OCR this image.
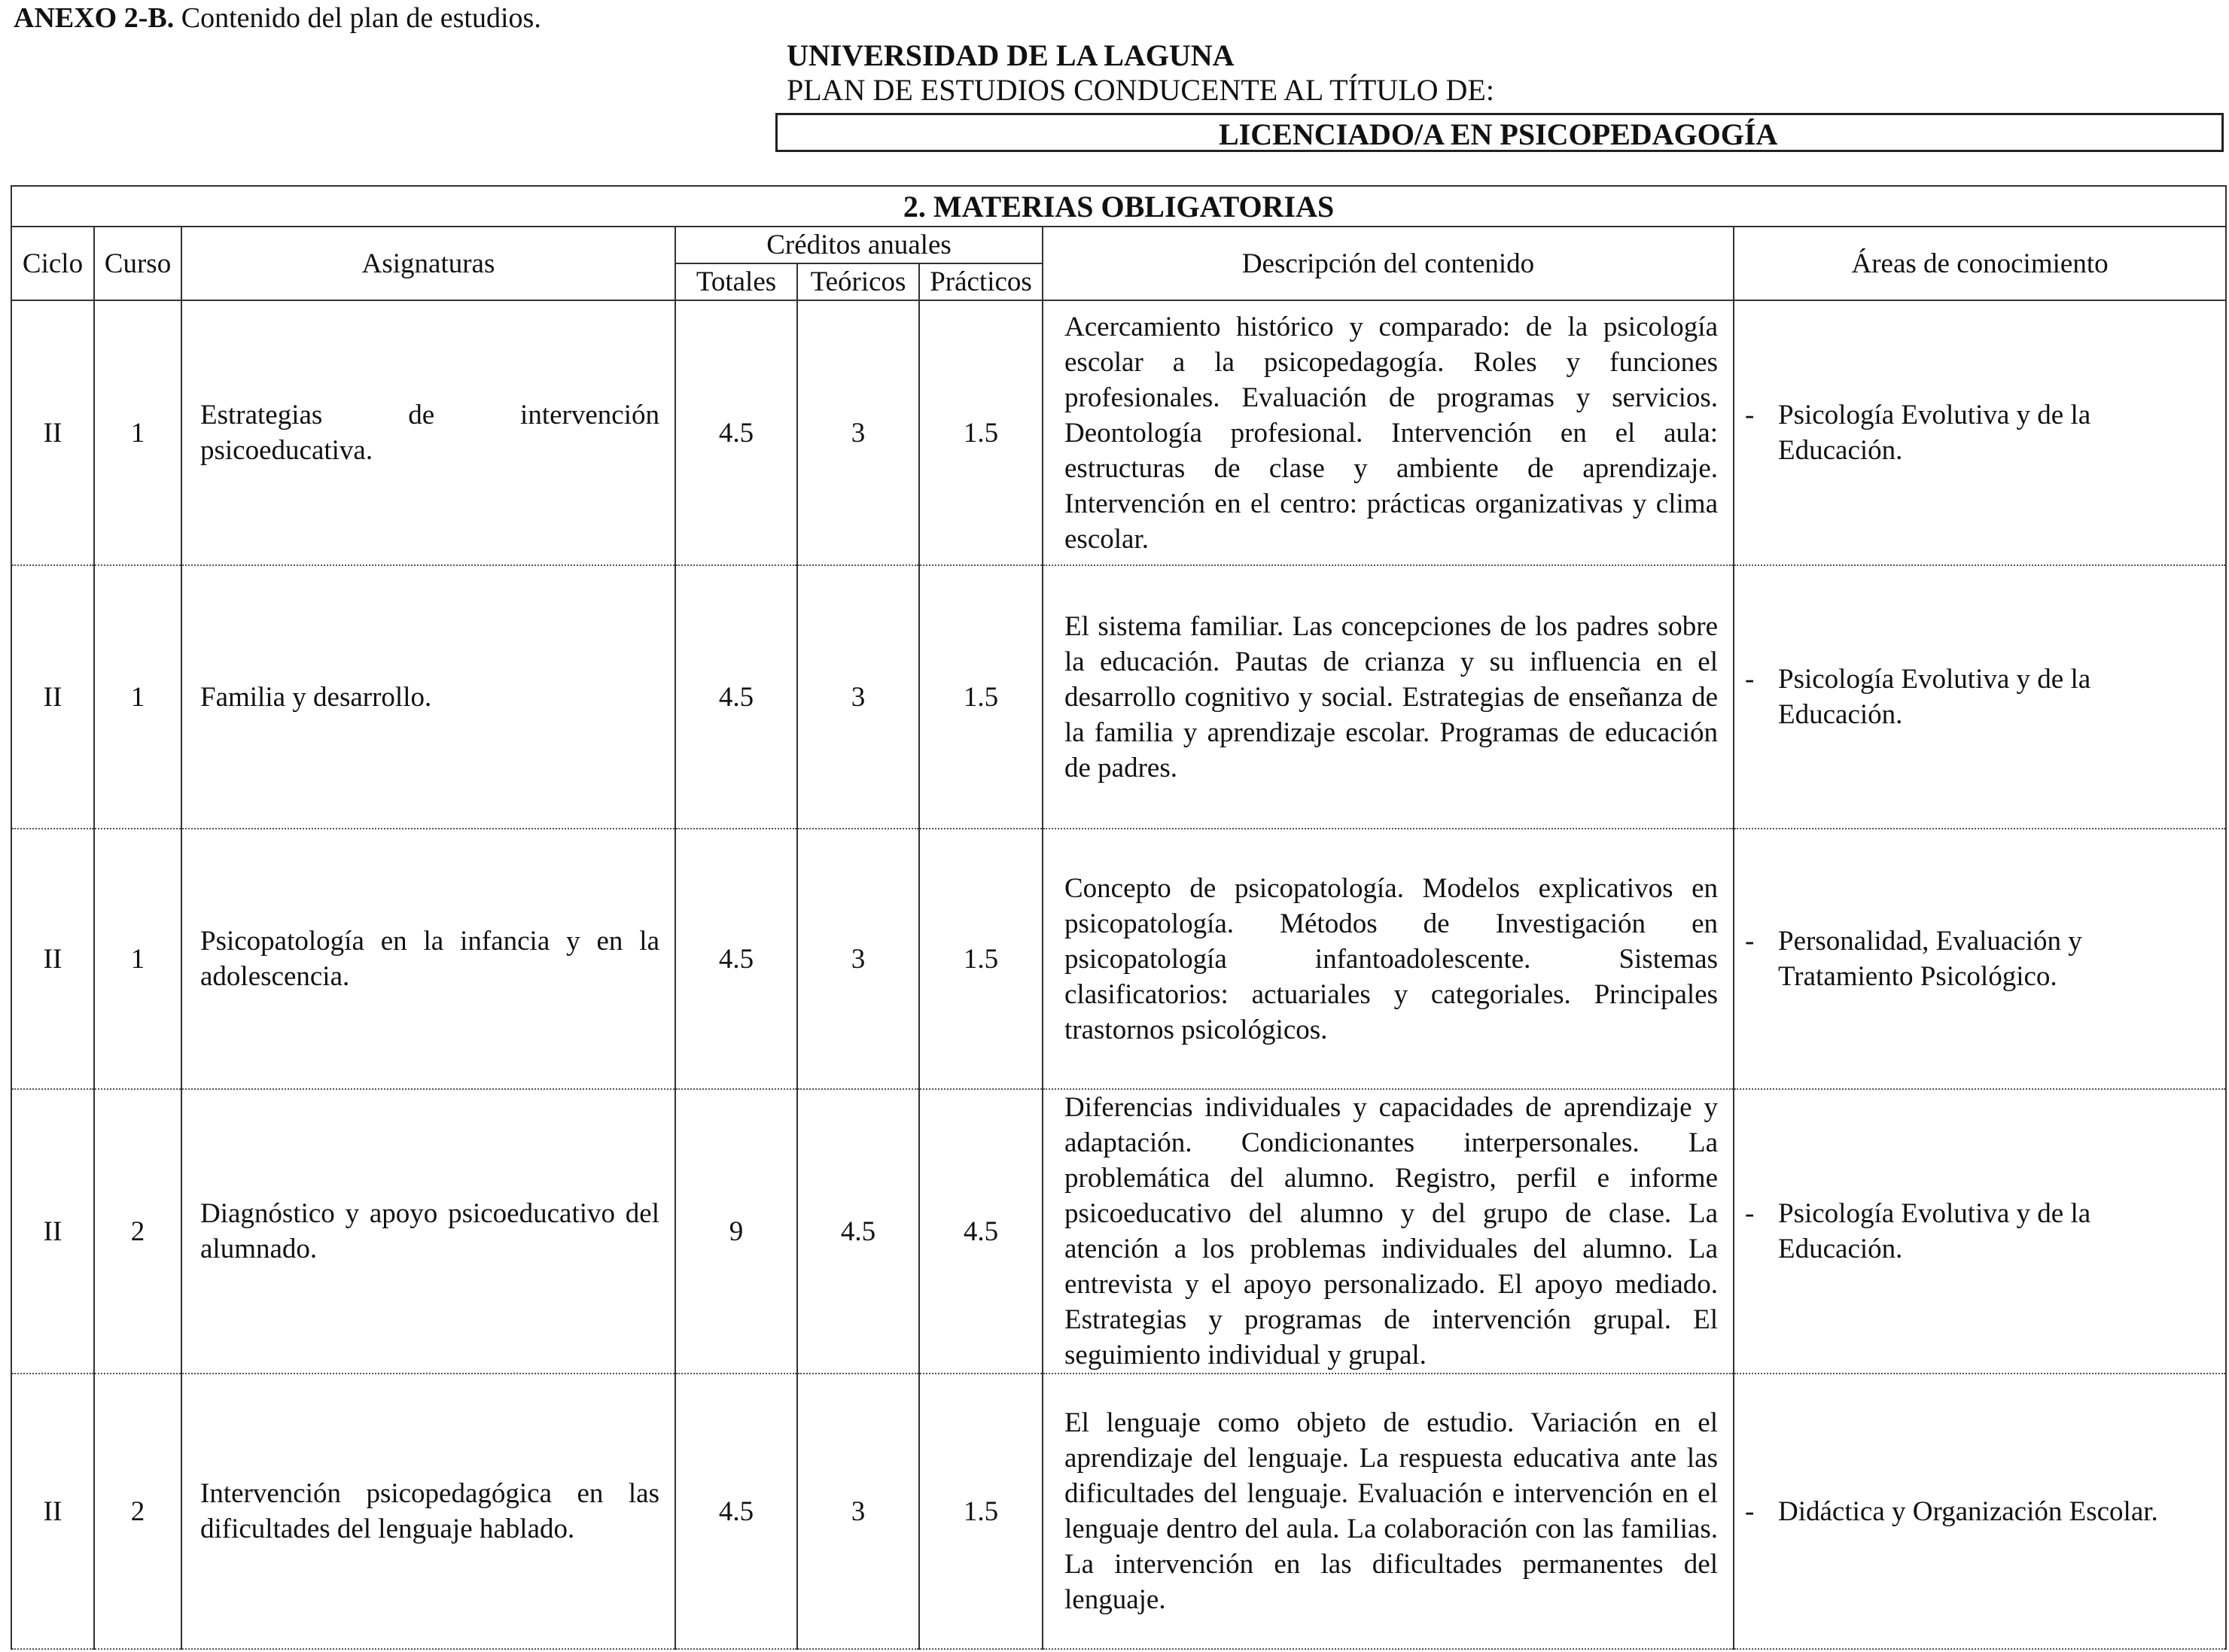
ANEXO 2-B. Contenido del plan de estudios.
UNIVERSIDAD DE LA LAGUNA
PLAN DE ESTUDIOS CONDUCENTE AL TÍTULO DE:
LICENCIADO/A EN PSICOPEDAGOGÍA
2. MATERIAS OBLIGATORIAS							
Ciclo	Curso	Asignaturas	Créditos anuales			Descripción del contenido	Áreas de conocimiento
			Totales	Teóricos	Prácticos		
II	1	Estrategias de intervención psicoeducativa.	4.5	3	1.5	Acercamiento histórico y comparado: de la psicología escolar a la psicopedagogía. Roles y funciones profesionales. Evaluación de programas y servicios. Deontología profesional. Intervención en el aula: estructuras de clase y ambiente de aprendizaje. Intervención en el centro: prácticas organizativas y clima escolar.	- Psicología Evolutiva y de la Educación.
II	1	Familia y desarrollo.	4.5	3	1.5	El sistema familiar. Las concepciones de los padres sobre la educación. Pautas de crianza y su influencia en el desarrollo cognitivo y social. Estrategias de enseñanza de la familia y aprendizaje escolar. Programas de educación de padres.	- Psicología Evolutiva y de la Educación.
II	1	Psicopatología en la infancia y en la adolescencia.	4.5	3	1.5	Concepto de psicopatología. Modelos explicativos en psicopatología. Métodos de Investigación en psicopatología infantoadolescente. Sistemas clasificatorios: actuariales y categoriales. Principales trastornos psicológicos.	- Personalidad, Evaluación y Tratamiento Psicológico.
II	2	Diagnóstico y apoyo psicoeducativo del alumnado.	9	4.5	4.5	Diferencias individuales y capacidades de aprendizaje y adaptación. Condicionantes interpersonales. La problemática del alumno. Registro, perfil e informe psicoeducativo del alumno y del grupo de clase. La atención a los problemas individuales del alumno. La entrevista y el apoyo personalizado. El apoyo mediado. Estrategias y programas de intervención grupal. El seguimiento individual y grupal.	- Psicología Evolutiva y de la Educación.
II	2	Intervención psicopedagógica en las dificultades del lenguaje hablado.	4.5	3	1.5	El lenguaje como objeto de estudio. Variación en el aprendizaje del lenguaje. La respuesta educativa ante las dificultades del lenguaje. Evaluación e intervención en el lenguaje dentro del aula. La colaboración con las familias. La intervención en las dificultades permanentes del lenguaje.	- Didáctica y Organización Escolar.
